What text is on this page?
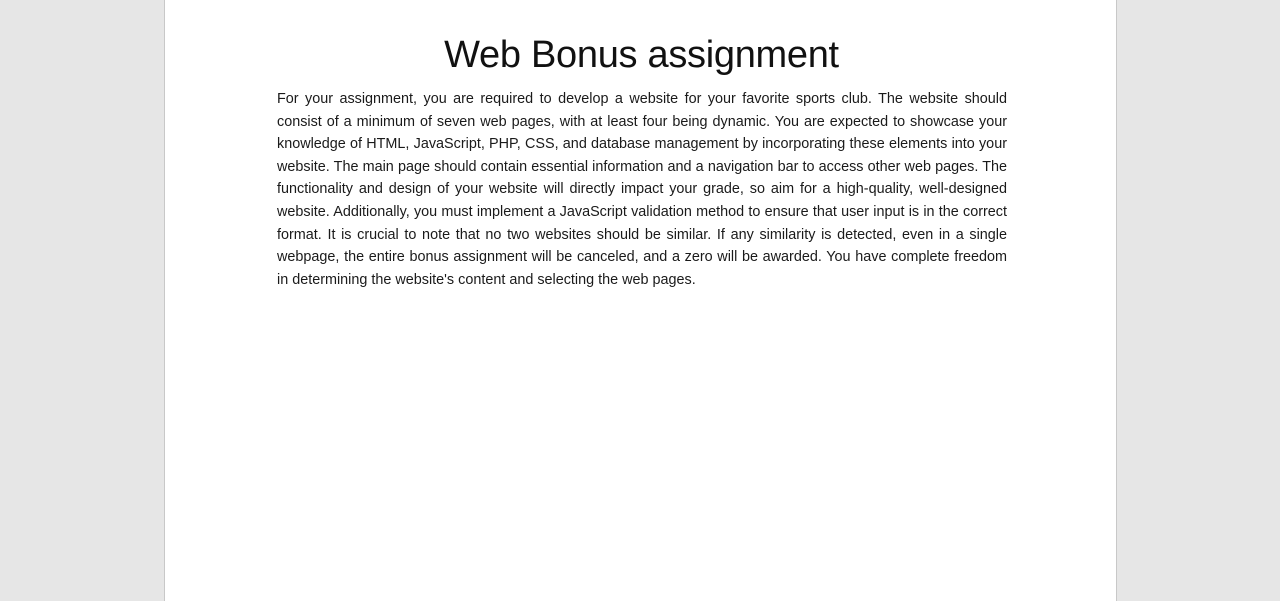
Web Bonus assignment

For your assignment, you are required to develop a website for your favorite sports club. The website should consist of a minimum of seven web pages, with at least four being dynamic. You are expected to showcase your knowledge of HTML, JavaScript, PHP, CSS, and database management by incorporating these elements into your website. The main page should contain essential information and a navigation bar to access other web pages. The functionality and design of your website will directly impact your grade, so aim for a high-quality, well-designed website. Additionally, you must implement a JavaScript validation method to ensure that user input is in the correct format. It is crucial to note that no two websites should be similar. If any similarity is detected, even in a single webpage, the entire bonus assignment will be canceled, and a zero will be awarded. You have complete freedom in determining the website's content and selecting the web pages.
